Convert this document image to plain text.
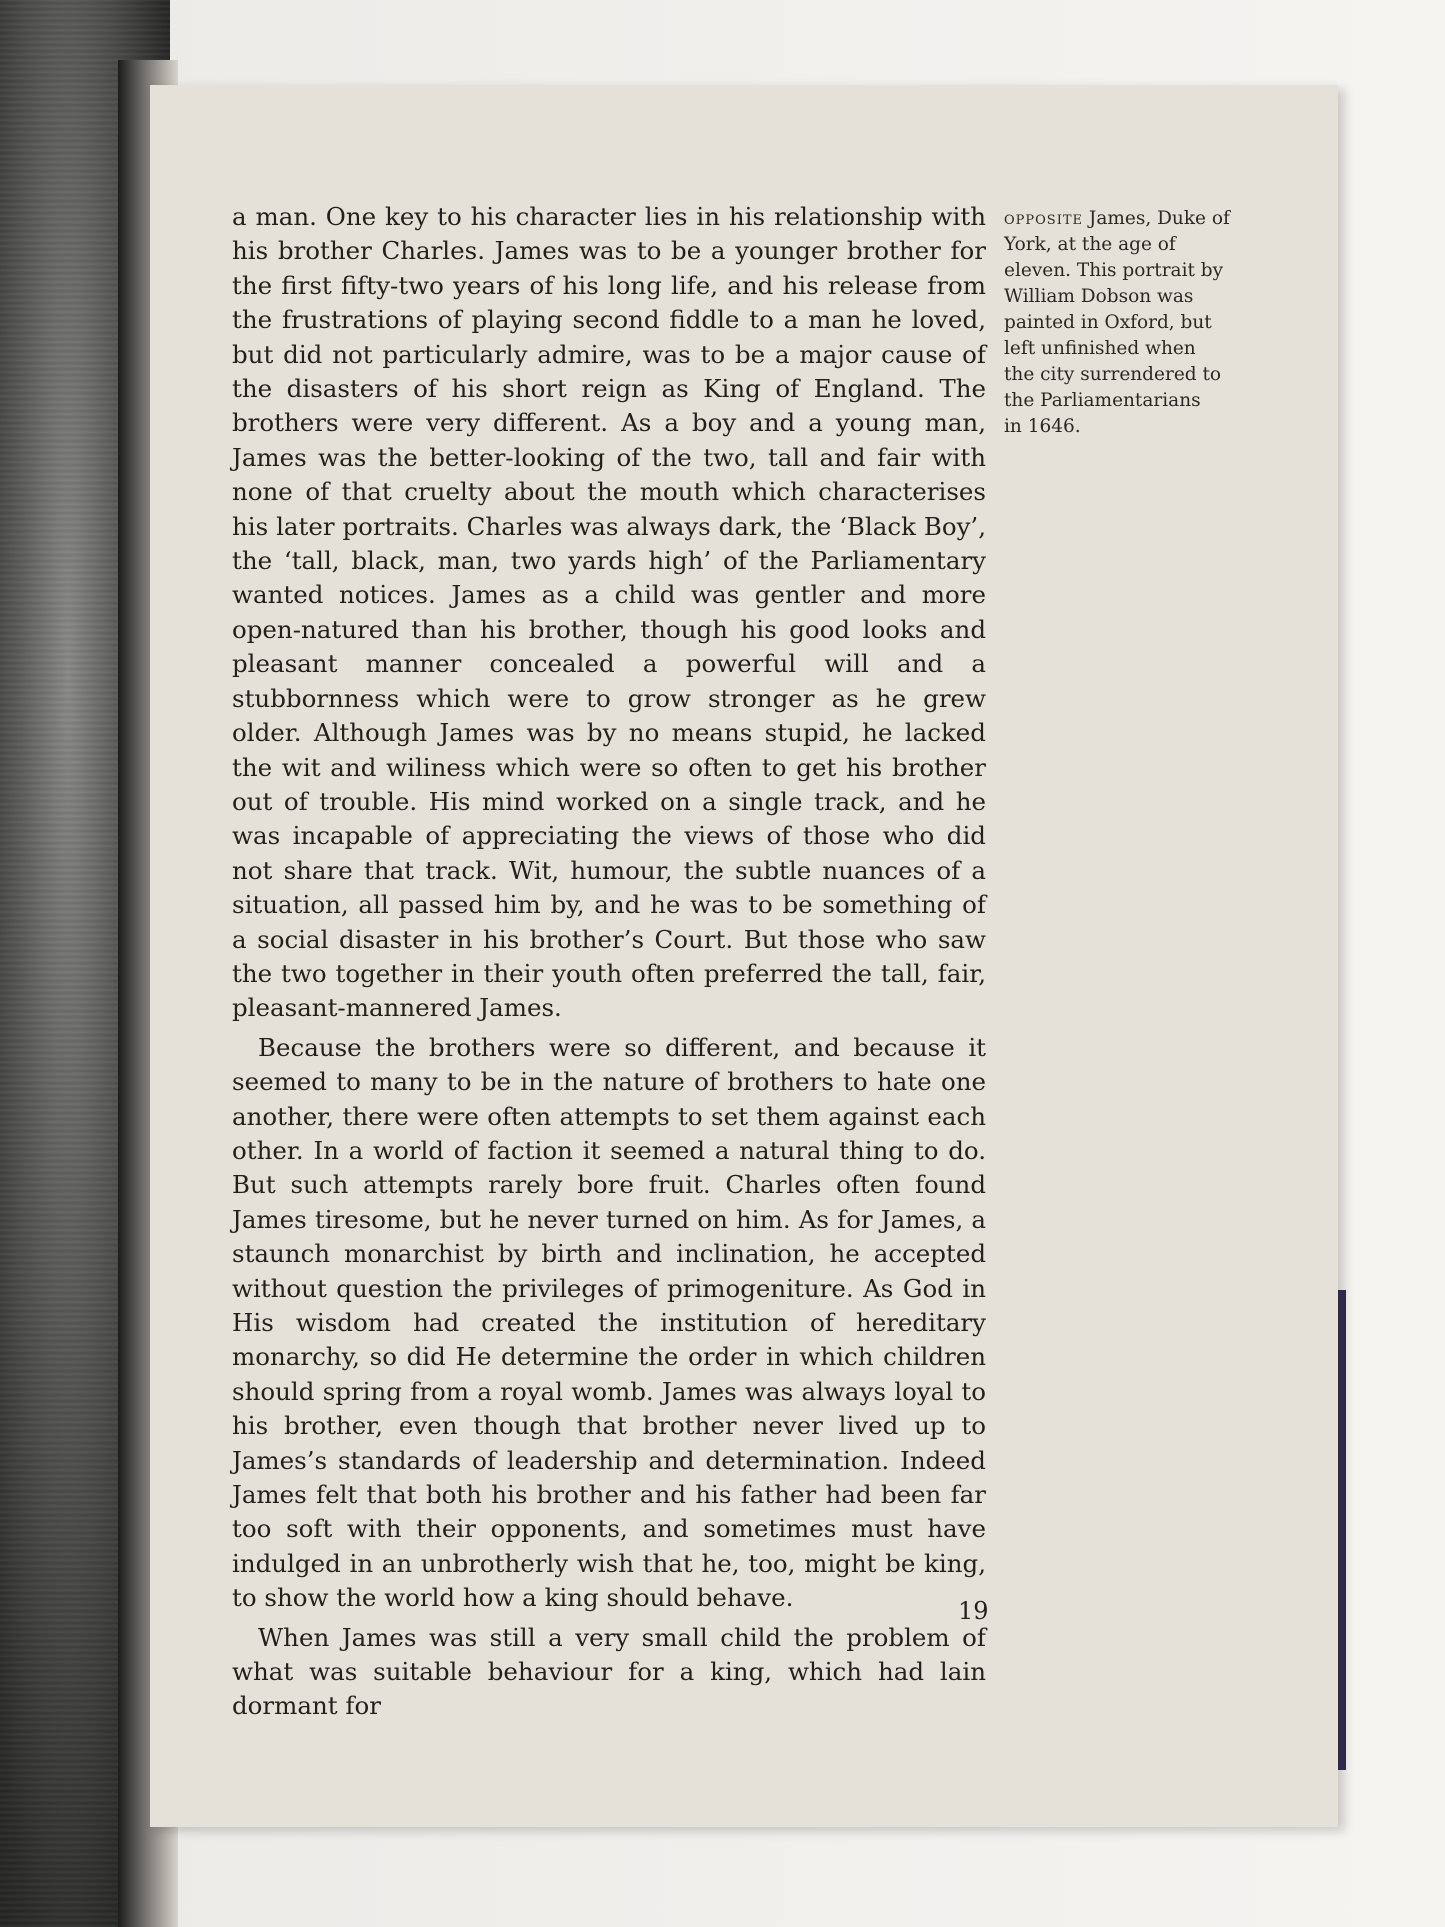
a man. One key to his character lies in his relationship with his brother Charles. James was to be a younger brother for the first fifty-two years of his long life, and his release from the frustrations of playing second fiddle to a man he loved, but did not particularly admire, was to be a major cause of the disasters of his short reign as King of England. The brothers were very different. As a boy and a young man, James was the better-looking of the two, tall and fair with none of that cruelty about the mouth which characterises his later portraits. Charles was always dark, the ‘Black Boy’, the ‘tall, black, man, two yards high’ of the Parliamentary wanted notices. James as a child was gentler and more open-natured than his brother, though his good looks and pleasant manner concealed a powerful will and a stubbornness which were to grow stronger as he grew older. Although James was by no means stupid, he lacked the wit and wiliness which were so often to get his brother out of trouble. His mind worked on a single track, and he was incapable of appreciating the views of those who did not share that track. Wit, humour, the subtle nuances of a situation, all passed him by, and he was to be something of a social disaster in his brother’s Court. But those who saw the two together in their youth often preferred the tall, fair, pleasant-mannered James.

Because the brothers were so different, and because it seemed to many to be in the nature of brothers to hate one another, there were often attempts to set them against each other. In a world of faction it seemed a natural thing to do. But such attempts rarely bore fruit. Charles often found James tiresome, but he never turned on him. As for James, a staunch monarchist by birth and inclination, he accepted without question the privileges of primogeniture. As God in His wisdom had created the institution of hereditary monarchy, so did He determine the order in which children should spring from a royal womb. James was always loyal to his brother, even though that brother never lived up to James’s standards of leadership and determination. Indeed James felt that both his brother and his father had been far too soft with their opponents, and sometimes must have indulged in an unbrotherly wish that he, too, might be king, to show the world how a king should behave.

When James was still a very small child the problem of what was suitable behaviour for a king, which had lain dormant for

opposite James, Duke of
York, at the age of
eleven. This portrait by
William Dobson was
painted in Oxford, but
left unfinished when
the city surrendered to
the Parliamentarians
in 1646.
19
